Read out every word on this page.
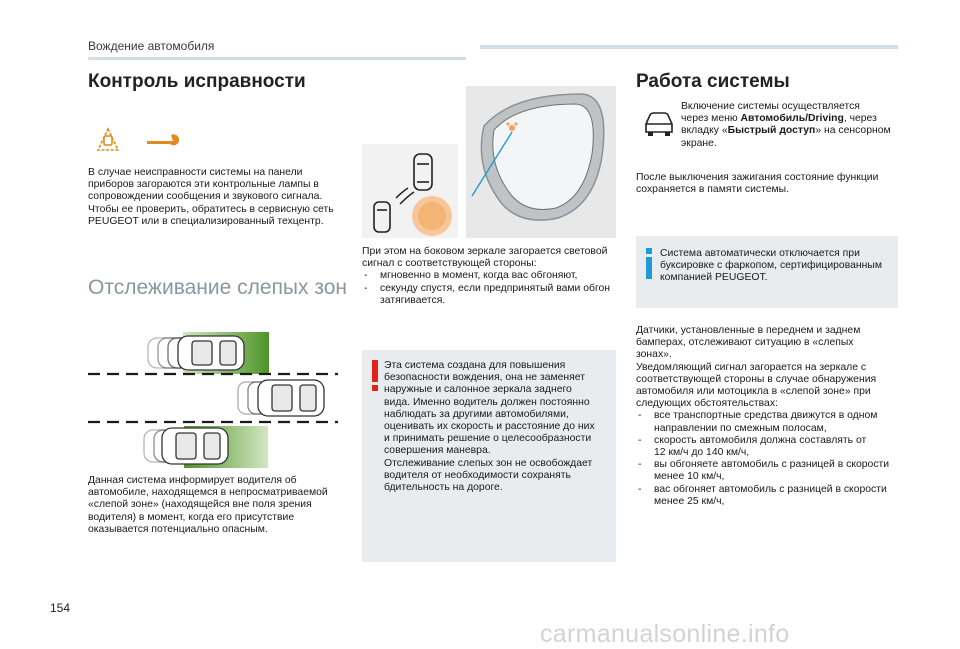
Вождение автомобиля
Контроль исправности

В случае неисправности системы на панели

приборов загораются эти контрольные лампы в

сопровождении сообщения и звукового сигнала.

Чтобы ее проверить, обратитесь в сервисную сеть

PEUGEOT или в специализированный техцентр.

Отслеживание слепых зон

Данная система информирует водителя об

автомобиле, находящемся в непросматриваемой

«слепой зоне» (находящейся вне поля зрения

водителя) в момент, когда его присутствие

оказывается потенциально опасным.

При этом на боковом зеркале загорается световой

сигнал с соответствующей стороны:

- мгновенно в момент, когда вас обгоняют,
- секунду спустя, если предпринятый вами обгон
затягивается.

Эта система создана для повышения

безопасности вождения, она не заменяет

наружные и салонное зеркала заднего

вида. Именно водитель должен постоянно

наблюдать за другими автомобилями,

оценивать их скорость и расстояние до них

и принимать решение о целесообразности

совершения маневра.

Отслеживание слепых зон не освобождает

водителя от необходимости сохранять

бдительность на дороге.

Работа системы

Включение системы осуществляется

через меню Автомобиль/Driving, через

вкладку «Быстрый доступ» на сенсорном

экране.

После выключения зажигания состояние функции

сохраняется в памяти системы.

Система автоматически отключается при

буксировке с фаркопом, сертифицированным

компанией PEUGEOT.

Датчики, установленные в переднем и заднем

бамперах, отслеживают ситуацию в «слепых

зонах».

Уведомляющий сигнал загорается на зеркале с

соответствующей стороны в случае обнаружения

автомобиля или мотоцикла в «слепой зоне» при

следующих обстоятельствах:

- все транспортные средства движутся в одном
направлении по смежным полосам,
- скорость автомобиля должна составлять от
12 км/ч до 140 км/ч,
- вы обгоняете автомобиль с разницей в скорости
менее 10 км/ч,
- вас обгоняет автомобиль с разницей в скорости
менее 25 км/ч,
154
carmanualsonline.info
